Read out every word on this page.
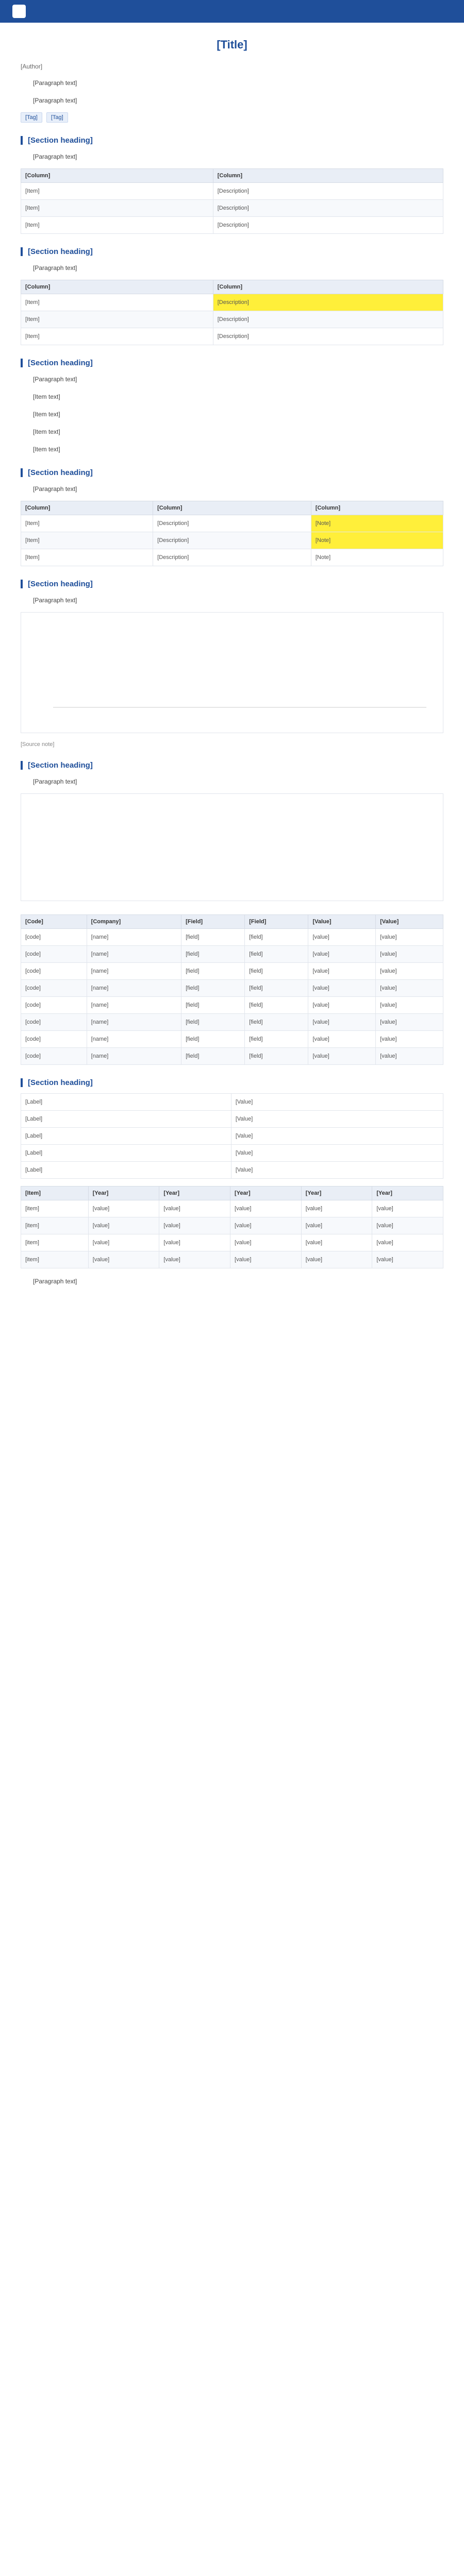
[Title]
[Author]

[Paragraph text]

[Paragraph text]

[Tag]	[Tag]
[Section heading]

[Paragraph text]

[Column]	[Column]
[Item]	[Description]
[Item]	[Description]
[Item]	[Description]
[Section heading]

[Paragraph text]

[Column]	[Column]
[Item]	[Description]
[Item]	[Description]
[Item]	[Description]
[Section heading]

[Paragraph text]

[Item text]

[Item text]

[Item text]

[Item text]

[Section heading]

[Paragraph text]

[Column]	[Column]	[Column]
[Item]	[Description]	[Note]
[Item]	[Description]	[Note]
[Item]	[Description]	[Note]
[Section heading]

[Paragraph text]

[Source note]
[Section heading]

[Paragraph text]

[Code]	[Company]	[Field]	[Field]	[Value]	[Value]
[code]	[name]	[field]	[field]	[value]	[value]
[code]	[name]	[field]	[field]	[value]	[value]
[code]	[name]	[field]	[field]	[value]	[value]
[code]	[name]	[field]	[field]	[value]	[value]
[code]	[name]	[field]	[field]	[value]	[value]
[code]	[name]	[field]	[field]	[value]	[value]
[code]	[name]	[field]	[field]	[value]	[value]
[code]	[name]	[field]	[field]	[value]	[value]
[Section heading]
[Label]	[Value]
[Label]	[Value]
[Label]	[Value]
[Label]	[Value]
[Label]	[Value]
[Item]	[Year]	[Year]	[Year]	[Year]	[Year]
[item]	[value]	[value]	[value]	[value]	[value]
[item]	[value]	[value]	[value]	[value]	[value]
[item]	[value]	[value]	[value]	[value]	[value]
[item]	[value]	[value]	[value]	[value]	[value]

[Paragraph text]
